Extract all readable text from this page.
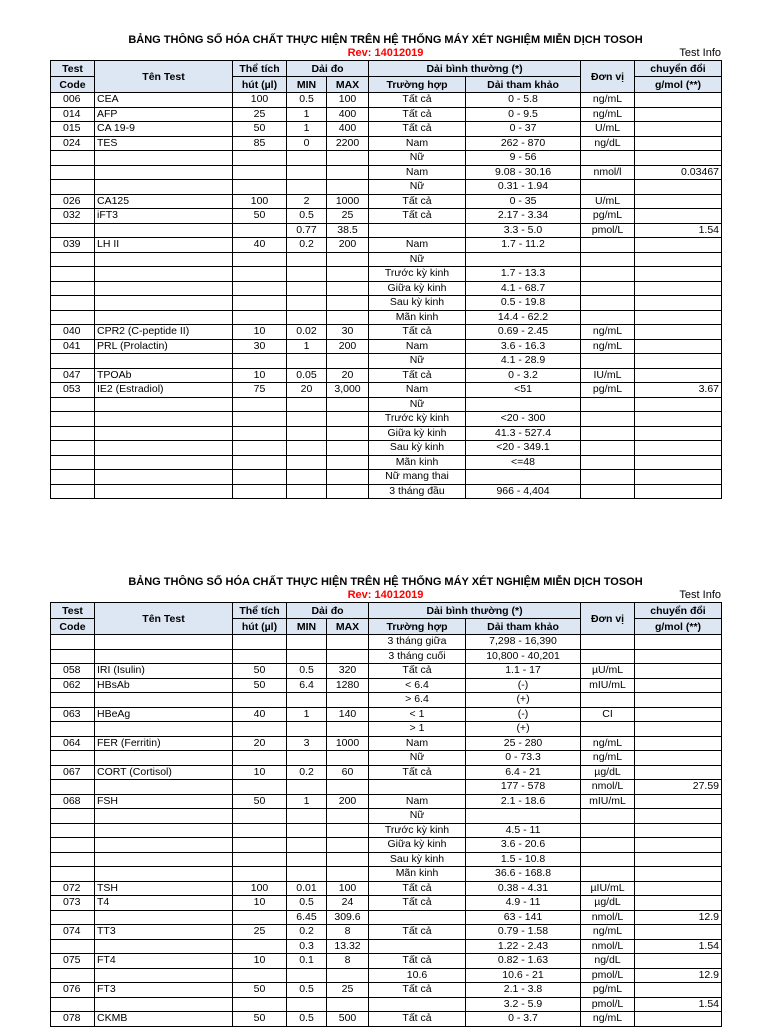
BẢNG THÔNG SỐ HÓA CHẤT THỰC HIỆN TRÊN HỆ THỐNG MÁY XÉT NGHIỆM MIỄN DỊCH TOSOH
Rev: 14012019	Test Info
Test	Tên Test	Thể tích	Dải đo		Dải bình thường (*)		Đơn vị	chuyển đổi
Code		hút (µl)	MIN	MAX	Trường hợp	Dải tham khảo		g/mol (**)
006	CEA	100	0.5	100	Tất cả	0 - 5.8	ng/mL	
014	AFP	25	1	400	Tất cả	0 - 9.5	ng/mL	
015	CA 19-9	50	1	400	Tất cả	0 - 37	U/mL	
024	TES	85	0	2200	Nam	262 - 870	ng/dL	
					Nữ	9 - 56		
					Nam	9.08 - 30.16	nmol/l	0.03467
					Nữ	0.31 - 1.94		
026	CA125	100	2	1000	Tất cả	0 - 35	U/mL	
032	iFT3	50	0.5	25	Tất cả	2.17 - 3.34	pg/mL	
			0.77	38.5		3.3 - 5.0	pmol/L	1.54
039	LH II	40	0.2	200	Nam	1.7 - 11.2		
					Nữ			
					Trước kỳ kinh	1.7 - 13.3		
					Giữa kỳ kinh	4.1 - 68.7		
					Sau kỳ kinh	0.5 - 19.8		
					Mãn kinh	14.4 - 62.2		
040	CPR2 (C-peptide II)	10	0.02	30	Tất cả	0.69 - 2.45	ng/mL	
041	PRL (Prolactin)	30	1	200	Nam	3.6 - 16.3	ng/mL	
					Nữ	4.1 - 28.9		
047	TPOAb	10	0.05	20	Tất cả	0 - 3.2	IU/mL	
053	IE2 (Estradiol)	75	20	3,000	Nam	<51	pg/mL	3.67
					Nữ			
					Trước kỳ kinh	<20 - 300		
					Giữa kỳ kinh	41.3 - 527.4		
					Sau kỳ kinh	<20 - 349.1		
					Mãn kinh	<=48		
					Nữ mang thai			
					3 tháng đầu	966 - 4,404		
BẢNG THÔNG SỐ HÓA CHẤT THỰC HIỆN TRÊN HỆ THỐNG MÁY XÉT NGHIỆM MIỄN DỊCH TOSOH
Rev: 14012019	Test Info
Test	Tên Test	Thể tích	Dải đo		Dải bình thường (*)		Đơn vị	chuyển đổi
Code		hút (µl)	MIN	MAX	Trường hợp	Dải tham khảo		g/mol (**)
					3 tháng giữa	7,298 - 16,390		
					3 tháng cuối	10,800 - 40,201		
058	IRI (Isulin)	50	0.5	320	Tất cả	1.1 - 17	µU/mL	
062	HBsAb	50	6.4	1280	< 6.4	(-)	mIU/mL	
					> 6.4	(+)		
063	HBeAg	40	1	140	< 1	(-)	CI	
					> 1	(+)		
064	FER (Ferritin)	20	3	1000	Nam	25 - 280	ng/mL	
					Nữ	0 - 73.3	ng/mL	
067	CORT (Cortisol)	10	0.2	60	Tất cả	6.4 - 21	µg/dL	
						177 - 578	nmol/L	27.59
068	FSH	50	1	200	Nam	2.1 - 18.6	mIU/mL	
					Nữ			
					Trước kỳ kinh	4.5 - 11		
					Giữa kỳ kinh	3.6 - 20.6		
					Sau kỳ kinh	1.5 - 10.8		
					Mãn kinh	36.6 - 168.8		
072	TSH	100	0.01	100	Tất cả	0.38 - 4.31	µIU/mL	
073	T4	10	0.5	24	Tất cả	4.9 - 11	µg/dL	
			6.45	309.6		63 - 141	nmol/L	12.9
074	TT3	25	0.2	8	Tất cả	0.79 - 1.58	ng/mL	
			0.3	13.32		1.22 - 2.43	nmol/L	1.54
075	FT4	10	0.1	8	Tất cả	0.82 - 1.63	ng/dL	
					10.6	10.6 - 21	pmol/L	12.9
076	FT3	50	0.5	25	Tất cả	2.1 - 3.8	pg/mL	
						3.2 - 5.9	pmol/L	1.54
078	CKMB	50	0.5	500	Tất cả	0 - 3.7	ng/mL	
